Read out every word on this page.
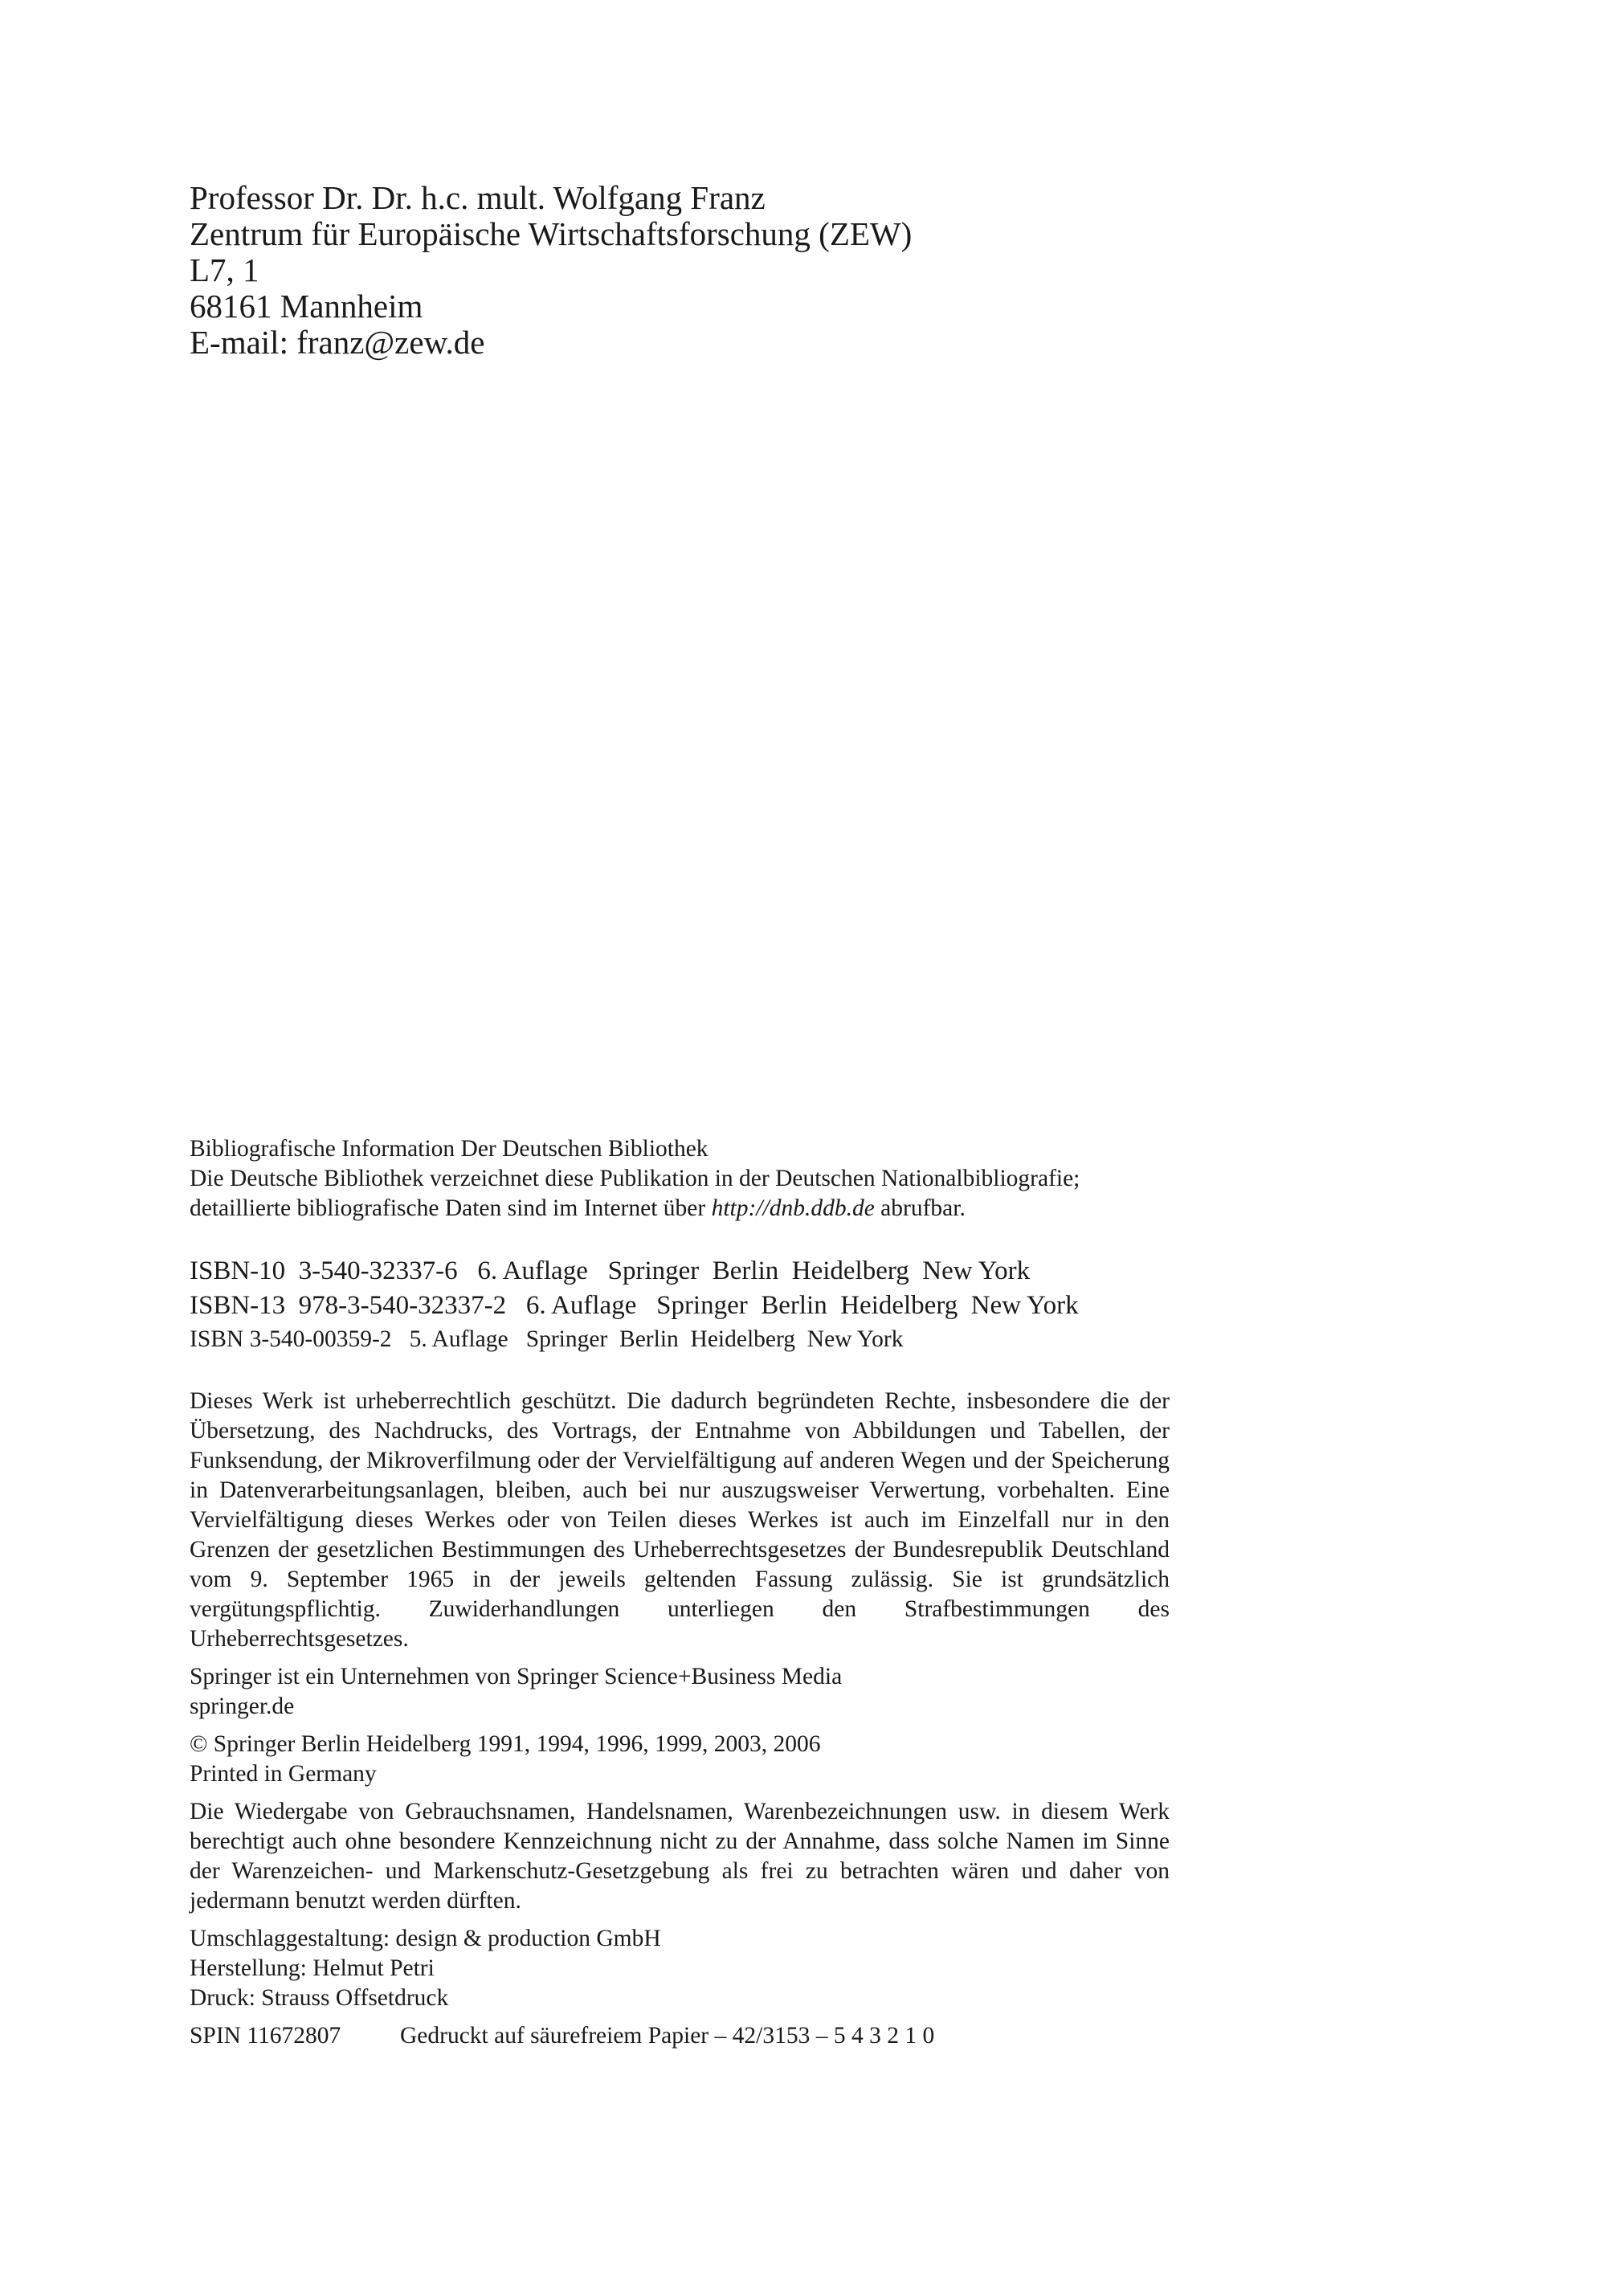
Professor Dr. Dr. h.c. mult. Wolfgang Franz
Zentrum für Europäische Wirtschaftsforschung (ZEW)
L7, 1
68161 Mannheim
E-mail: franz@zew.de
Bibliografische Information Der Deutschen Bibliothek
Die Deutsche Bibliothek verzeichnet diese Publikation in der Deutschen Nationalbibliografie;
detaillierte bibliografische Daten sind im Internet über http://dnb.ddb.de abrufbar.
ISBN-10  3-540-32337-6   6. Auflage   Springer  Berlin  Heidelberg  New York
ISBN-13  978-3-540-32337-2   6. Auflage   Springer  Berlin  Heidelberg  New York
ISBN 3-540-00359-2   5. Auflage   Springer  Berlin  Heidelberg  New York
Dieses Werk ist urheberrechtlich geschützt. Die dadurch begründeten Rechte, insbesondere die der Übersetzung, des Nachdrucks, des Vortrags, der Entnahme von Abbildungen und Tabellen, der Funksendung, der Mikroverfilmung oder der Vervielfältigung auf anderen Wegen und der Speicherung in Datenverarbeitungsanlagen, bleiben, auch bei nur auszugsweiser Verwertung, vorbehalten. Eine Vervielfältigung dieses Werkes oder von Teilen dieses Werkes ist auch im Einzelfall nur in den Grenzen der gesetzlichen Bestimmungen des Urheberrechtsgesetzes der Bundesrepublik Deutschland vom 9. September 1965 in der jeweils geltenden Fassung zulässig. Sie ist grundsätzlich vergütungspflichtig. Zuwiderhandlungen unterliegen den Strafbestimmungen des Urheberrechtsgesetzes.
Springer ist ein Unternehmen von Springer Science+Business Media
springer.de
© Springer Berlin Heidelberg 1991, 1994, 1996, 1999, 2003, 2006
Printed in Germany
Die Wiedergabe von Gebrauchsnamen, Handelsnamen, Warenbezeichnungen usw. in diesem Werk berechtigt auch ohne besondere Kennzeichnung nicht zu der Annahme, dass solche Namen im Sinne der Warenzeichen- und Markenschutz-Gesetzgebung als frei zu betrachten wären und daher von jedermann benutzt werden dürften.
Umschlaggestaltung: design & production GmbH
Herstellung: Helmut Petri
Druck: Strauss Offsetdruck
SPIN 11672807	Gedruckt auf säurefreiem Papier – 42/3153 – 5 4 3 2 1 0
